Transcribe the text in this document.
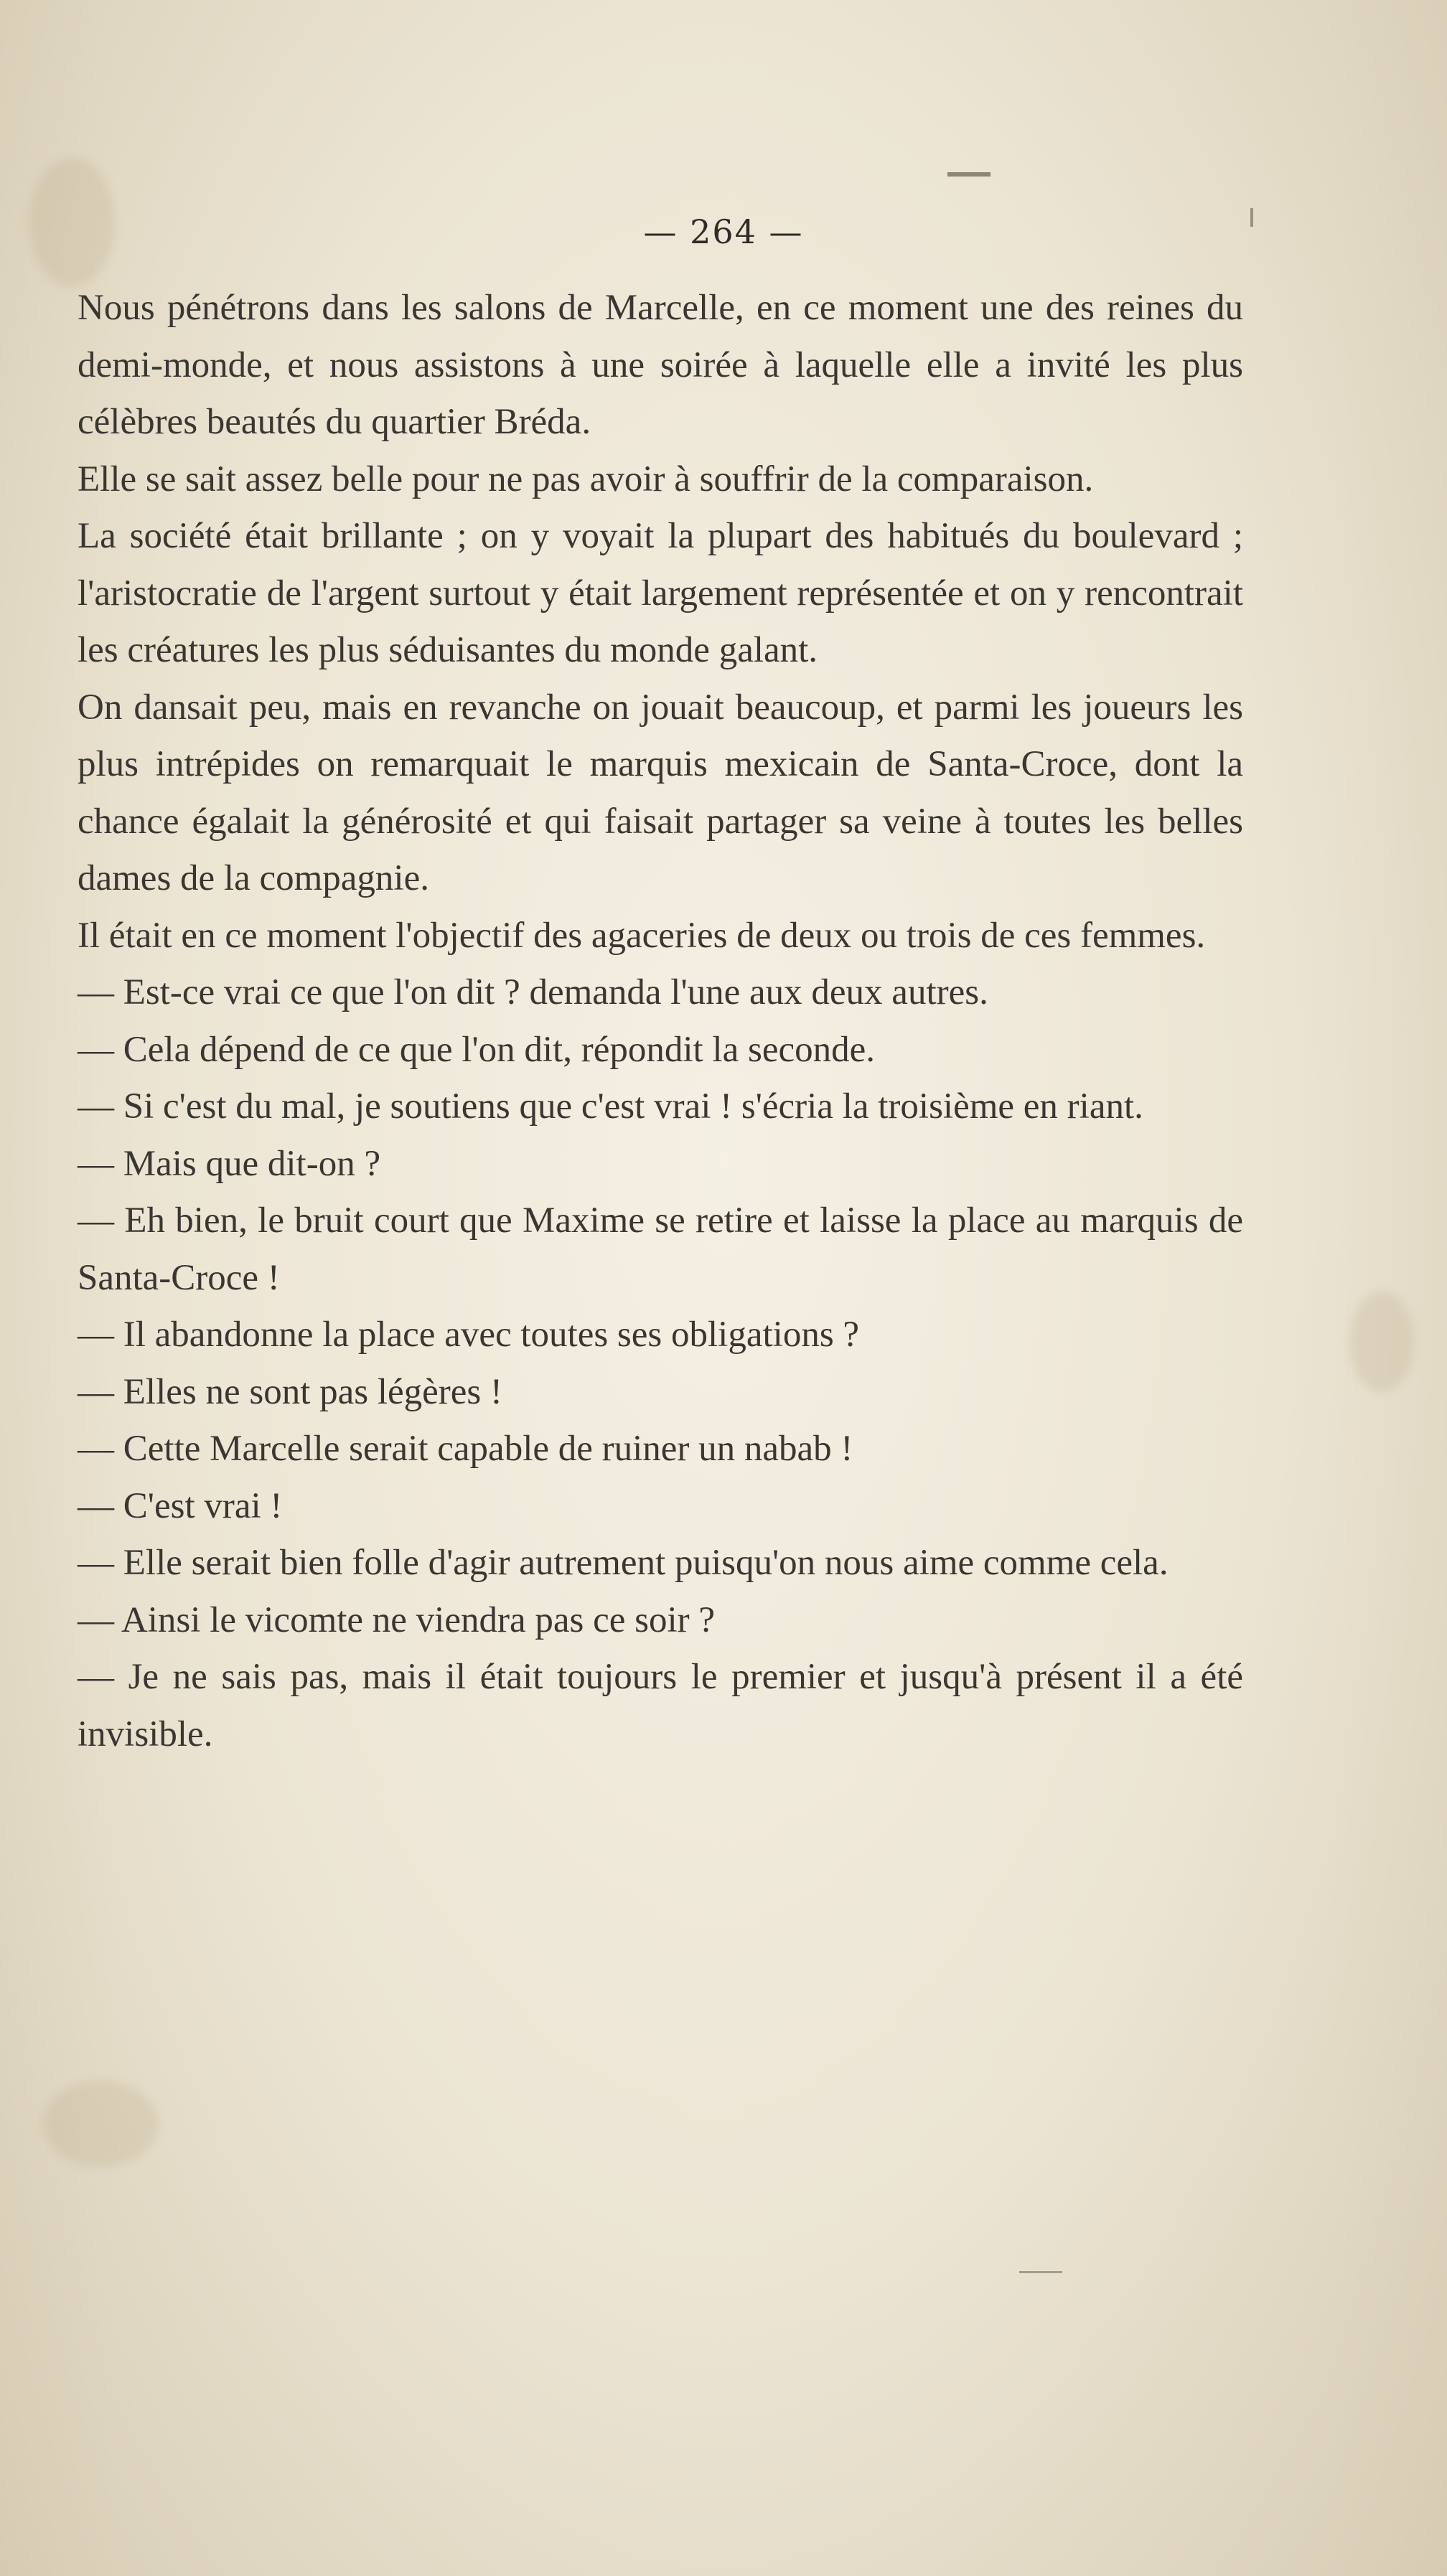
— 264 —

Nous pénétrons dans les salons de Marcelle, en ce moment une des reines du demi-monde, et nous assistons à une soirée à laquelle elle a invité les plus célèbres beautés du quartier Bréda.

Elle se sait assez belle pour ne pas avoir à souffrir de la comparaison.

La société était brillante ; on y voyait la plupart des habitués du boulevard ; l'aristocratie de l'argent surtout y était largement représentée et on y rencontrait les créatures les plus séduisantes du monde galant.

On dansait peu, mais en revanche on jouait beaucoup, et parmi les joueurs les plus intrépides on remarquait le marquis mexicain de Santa-Croce, dont la chance égalait la générosité et qui faisait partager sa veine à toutes les belles dames de la compagnie.

Il était en ce moment l'objectif des agaceries de deux ou trois de ces femmes.

— Est-ce vrai ce que l'on dit ? demanda l'une aux deux autres.

— Cela dépend de ce que l'on dit, répondit la seconde.

— Si c'est du mal, je soutiens que c'est vrai ! s'écria la troisième en riant.

— Mais que dit-on ?

— Eh bien, le bruit court que Maxime se retire et laisse la place au marquis de Santa-Croce !

— Il abandonne la place avec toutes ses obligations ?

— Elles ne sont pas légères !

— Cette Marcelle serait capable de ruiner un nabab !

— C'est vrai !

— Elle serait bien folle d'agir autrement puisqu'on nous aime comme cela.

— Ainsi le vicomte ne viendra pas ce soir ?

— Je ne sais pas, mais il était toujours le premier et jusqu'à présent il a été invisible.
